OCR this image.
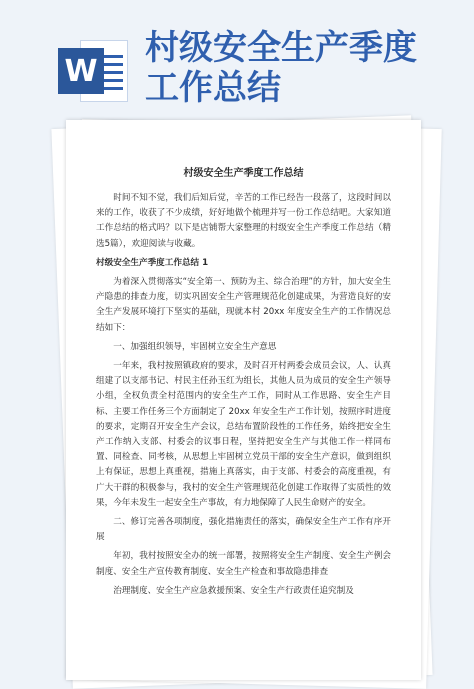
W
村级安全生产季度
工作总结
村级安全生产季度工作总结

时间不知不觉，我们后知后觉，辛苦的工作已经告一段落了，这段时间以来的工作，收获了不少成绩，好好地做个梳理并写一份工作总结吧。大家知道工作总结的格式吗？以下是店铺帮大家整理的村级安全生产季度工作总结（精选5篇），欢迎阅读与收藏。

村级安全生产季度工作总结 1

为着深入贯彻落实“安全第一、预防为主、综合治理”的方针，加大安全生产隐患的排查力度，切实巩固安全生产管理规范化创建成果，为营造良好的安全生产发展环境打下坚实的基础，现就本村 20xx 年度安全生产的工作情况总结如下：

一、加强组织领导，牢固树立安全生产意思

一年来，我村按照镇政府的要求，及时召开村两委会成员会议，人、认真组建了以支部书记、村民主任孙玉红为组长，其他人员为成员的安全生产领导小组，全权负责全村范围内的安全生产工作，同时从工作思路、安全生产目标、主要工作任务三个方面制定了 20xx 年安全生产工作计划，按照序时进度的要求，定期召开安全生产会议，总结布置阶段性的工作任务，始终把安全生产工作纳入支部、村委会的议事日程，坚持把安全生产与其他工作一样同布置、同检查、同考核，从思想上牢固树立党员干部的安全生产意识，做到组织上有保证，思想上真重视，措施上真落实，由于支部、村委会的高度重视，有广大干群的积极参与，我村的安全生产管理规范化创建工作取得了实质性的效果，今年未发生一起安全生产事故，有力地保障了人民生命财产的安全。

二、修订完善各项制度，强化措施责任的落实，确保安全生产工作有序开展

年初，我村按照安全办的统一部署，按照将安全生产制度、安全生产例会制度、安全生产宣传教育制度、安全生产检查和事故隐患排查

治理制度、安全生产应急救援预案、安全生产行政责任追究制及
